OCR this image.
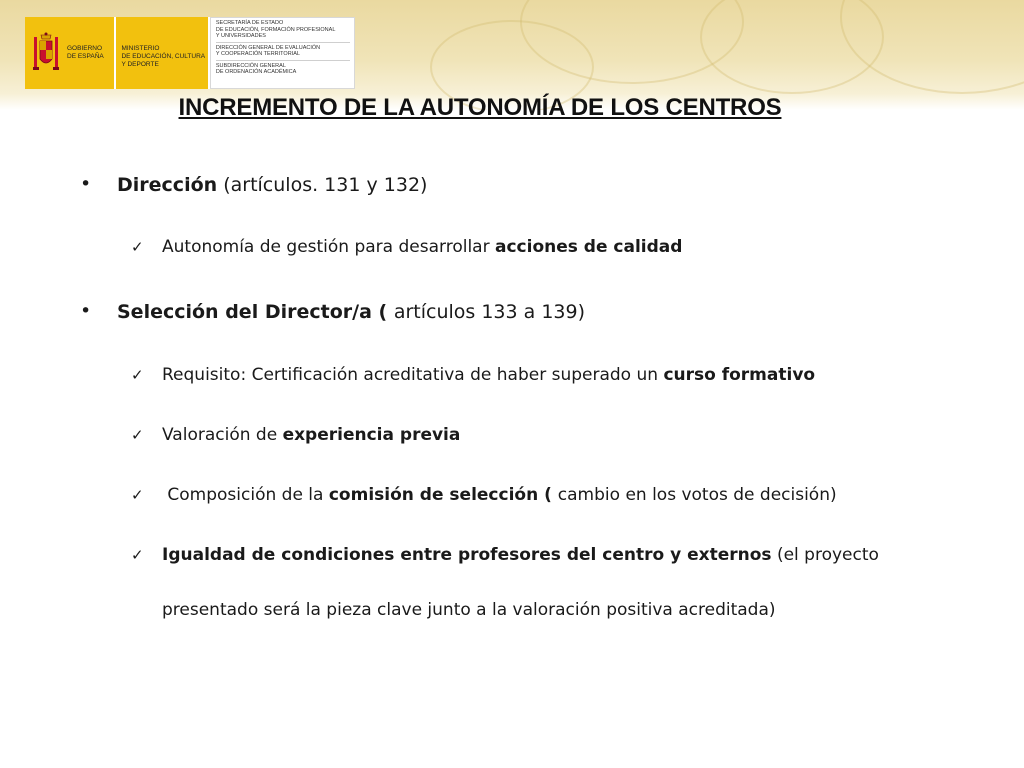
GOBIERNO
DE ESPAÑA
MINISTERIO
DE EDUCACIÓN, CULTURA
Y DEPORTE
SECRETARÍA DE ESTADO
DE EDUCACIÓN, FORMACIÓN PROFESIONAL
Y UNIVERSIDADES
DIRECCIÓN GENERAL DE EVALUACIÓN
Y COOPERACIÓN TERRITORIAL
SUBDIRECCIÓN GENERAL
DE ORDENACIÓN ACADÉMICA
INCREMENTO DE LA AUTONOMÍA DE LOS CENTROS
• Dirección (artículos. 131 y 132)
✓ Autonomía de gestión para desarrollar acciones de calidad
• Selección del Director/a ( artículos 133 a 139)
✓ Requisito: Certificación acreditativa de haber superado un curso formativo
✓ Valoración de experiencia previa
✓ Composición de la comisión de selección ( cambio en los votos de decisión)
✓ Igualdad de condiciones entre profesores del centro y externos (el proyecto
presentado será la pieza clave junto a la valoración positiva acreditada)
